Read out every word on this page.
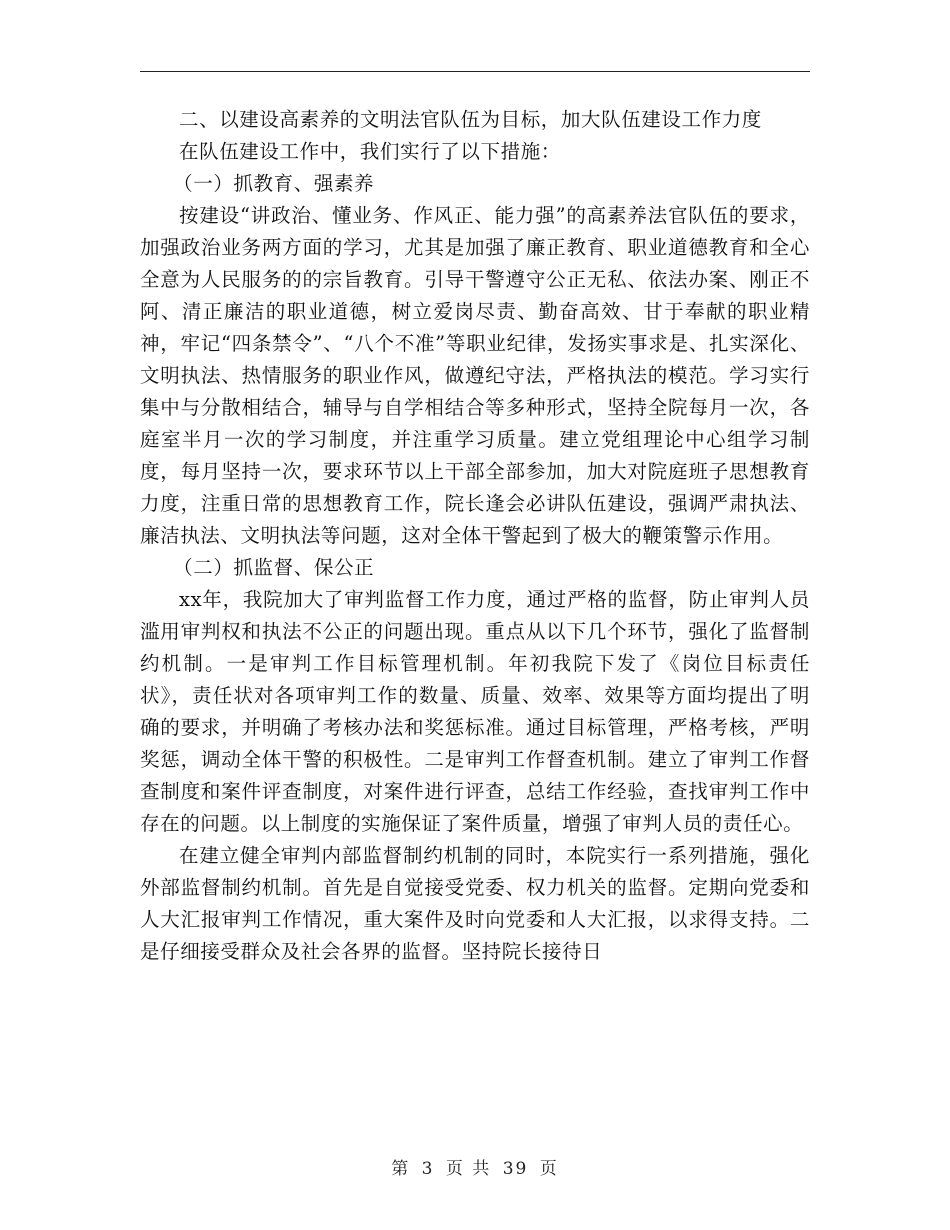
二、以建设高素养的文明法官队伍为目标，加大队伍建设工作力度

在队伍建设工作中，我们实行了以下措施：

（一）抓教育、强素养

按建设“讲政治、懂业务、作风正、能力强”的高素养法官队伍的要求，加强政治业务两方面的学习，尤其是加强了廉正教育、职业道德教育和全心全意为人民服务的的宗旨教育。引导干警遵守公正无私、依法办案、刚正不阿、清正廉洁的职业道德，树立爱岗尽责、勤奋高效、甘于奉献的职业精神，牢记“四条禁令”、“八个不准”等职业纪律，发扬实事求是、扎实深化、文明执法、热情服务的职业作风，做遵纪守法，严格执法的模范。学习实行集中与分散相结合，辅导与自学相结合等多种形式，坚持全院每月一次，各庭室半月一次的学习制度，并注重学习质量。建立党组理论中心组学习制度，每月坚持一次，要求环节以上干部全部参加，加大对院庭班子思想教育力度，注重日常的思想教育工作，院长逢会必讲队伍建设，强调严肃执法、廉洁执法、文明执法等问题，这对全体干警起到了极大的鞭策警示作用。

（二）抓监督、保公正

xx年，我院加大了审判监督工作力度，通过严格的监督，防止审判人员滥用审判权和执法不公正的问题出现。重点从以下几个环节，强化了监督制约机制。一是审判工作目标管理机制。年初我院下发了《岗位目标责任状》，责任状对各项审判工作的数量、质量、效率、效果等方面均提出了明确的要求，并明确了考核办法和奖惩标准。通过目标管理，严格考核，严明奖惩，调动全体干警的积极性。二是审判工作督查机制。建立了审判工作督查制度和案件评查制度，对案件进行评查，总结工作经验，查找审判工作中存在的问题。以上制度的实施保证了案件质量，增强了审判人员的责任心。

在建立健全审判内部监督制约机制的同时，本院实行一系列措施，强化外部监督制约机制。首先是自觉接受党委、权力机关的监督。定期向党委和人大汇报审判工作情况，重大案件及时向党委和人大汇报，以求得支持。二是仔细接受群众及社会各界的监督。坚持院长接待日

第 3 页 共 39 页
